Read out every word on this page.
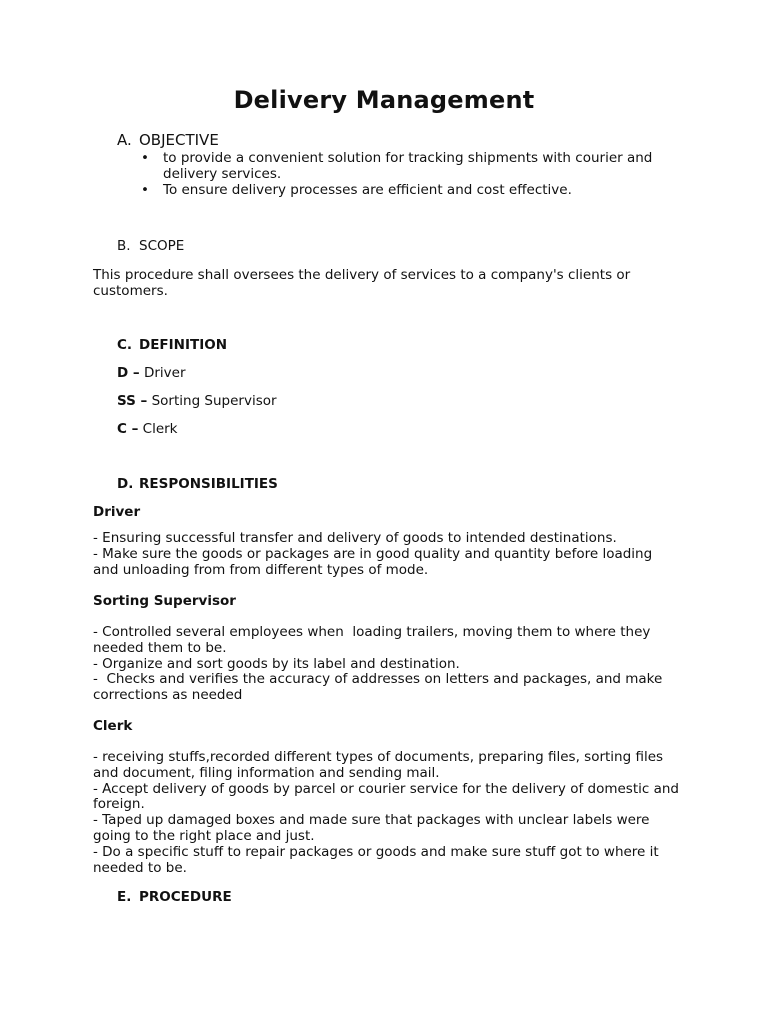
Delivery Management
A. OBJECTIVE
• to provide a convenient solution for tracking shipments with courier and delivery services.
• To ensure delivery processes are efficient and cost effective.
B. SCOPE
This procedure shall oversees the delivery of services to a company's clients or customers.
C. DEFINITION
D – Driver
SS – Sorting Supervisor
C – Clerk
D. RESPONSIBILITIES
Driver
- Ensuring successful transfer and delivery of goods to intended destinations.
- Make sure the goods or packages are in good quality and quantity before loading and unloading from from different types of mode.
Sorting Supervisor
- Controlled several employees when  loading trailers, moving them to where they needed them to be.
- Organize and sort goods by its label and destination.
-  Checks and verifies the accuracy of addresses on letters and packages, and make corrections as needed
Clerk
- receiving stuffs,recorded different types of documents, preparing files, sorting files and document, filing information and sending mail.
- Accept delivery of goods by parcel or courier service for the delivery of domestic and foreign.
- Taped up damaged boxes and made sure that packages with unclear labels were going to the right place and just.
- Do a specific stuff to repair packages or goods and make sure stuff got to where it needed to be.
E. PROCEDURE
